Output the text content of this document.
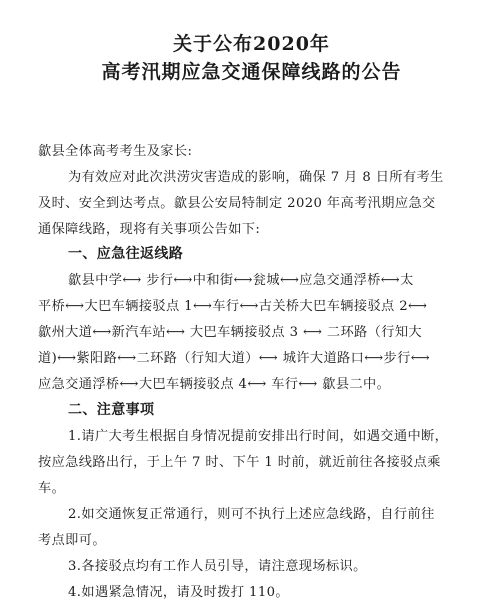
关于公布2020年
高考汛期应急交通保障线路的公告
歙县全体高考考生及家长:
为有效应对此次洪涝灾害造成的影响，确保 7 月 8 日所有考生
及时、安全到达考点。歙县公安局特制定 2020 年高考汛期应急交
通保障线路，现将有关事项公告如下:
一、应急往返线路
歙县中学⟷ 步行⟷中和街⟷瓮城⟷应急交通浮桥⟷太
平桥⟷大巴车辆接驳点 1⟷车行⟷古关桥大巴车辆接驳点 2⟷
歙州大道⟷新汽车站⟷ 大巴车辆接驳点 3 ⟷ 二环路（行知大
道)⟷紫阳路⟷二环路（行知大道）⟷ 城许大道路口⟷步行⟷
应急交通浮桥⟷大巴车辆接驳点 4⟷ 车行⟷ 歙县二中。
二、注意事项
1.请广大考生根据自身情况提前安排出行时间，如遇交通中断，
按应急线路出行，于上午 7 时、下午 1 时前，就近前往各接驳点乘
车。
2.如交通恢复正常通行，则可不执行上述应急线路，自行前往
考点即可。
3.各接驳点均有工作人员引导，请注意现场标识。
4.如遇紧急情况，请及时拨打 110。
